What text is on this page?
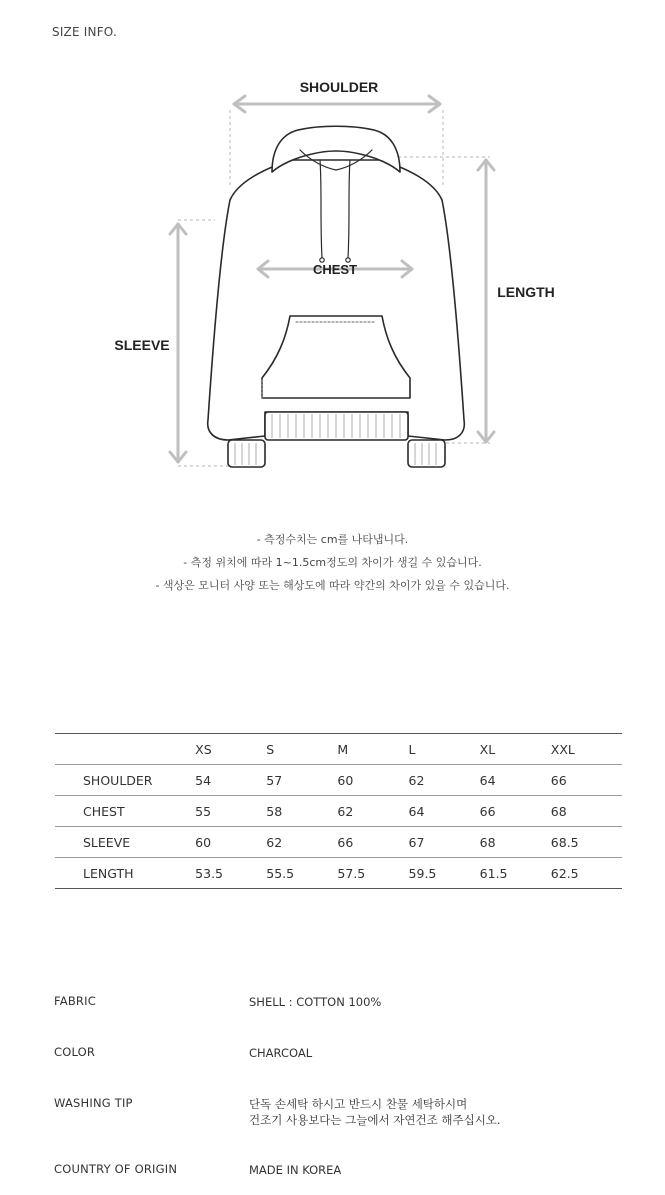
SIZE INFO.
SHOULDER
CHEST
LENGTH
SLEEVE
- 측정수치는 cm를 나타냅니다.
- 측정 위치에 따라 1~1.5cm정도의 차이가 생길 수 있습니다.
- 색상은 모니터 사양 또는 해상도에 따라 약간의 차이가 있을 수 있습니다.
	XS	S	M	L	XL	XXL
SHOULDER	54	57	60	62	64	66
CHEST	55	58	62	64	66	68
SLEEVE	60	62	66	67	68	68.5
LENGTH	53.5	55.5	57.5	59.5	61.5	62.5
FABRIC	SHELL : COTTON 100%
COLOR	CHARCOAL
WASHING TIP	단독 손세탁 하시고 반드시 찬물 세탁하시며
건조기 사용보다는 그늘에서 자연건조 해주십시오.
COUNTRY OF ORIGIN	MADE IN KOREA
